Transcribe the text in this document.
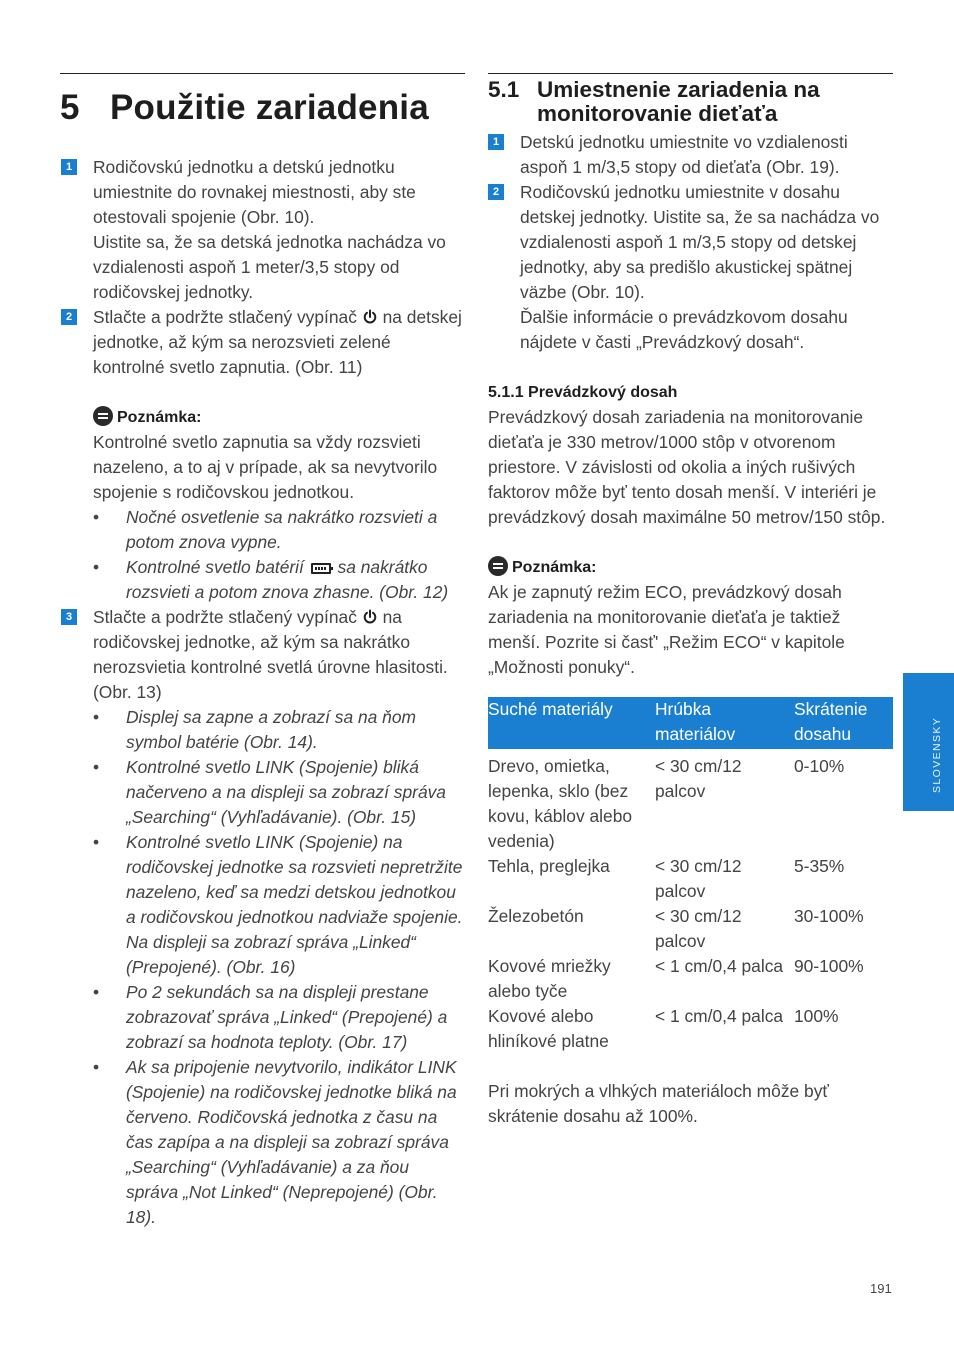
5 Použitie zariadenia
1 Rodičovskú jednotku a detskú jednotku umiestnite do rovnakej miestnosti, aby ste otestovali spojenie (Obr. 10).
Uistite sa, že sa detská jednotka nachádza vo vzdialenosti aspoň 1 meter/3,5 stopy od rodičovskej jednotky.
2 Stlačte a podržte stlačený vypínač na detskej jednotke, až kým sa nerozsvieti zelené kontrolné svetlo zapnutia. (Obr. 11)
Poznámka:
Kontrolné svetlo zapnutia sa vždy rozsvieti nazeleno, a to aj v prípade, ak sa nevytvorilo spojenie s rodičovskou jednotkou.
• Nočné osvetlenie sa nakrátko rozsvieti a potom znova vypne.
• Kontrolné svetlo batérií sa nakrátko rozsvieti a potom znova zhasne. (Obr. 12)
3 Stlačte a podržte stlačený vypínač na rodičovskej jednotke, až kým sa nakrátko nerozsvietia kontrolné svetlá úrovne hlasitosti. (Obr. 13)
• Displej sa zapne a zobrazí sa na ňom symbol batérie (Obr. 14).
• Kontrolné svetlo LINK (Spojenie) bliká načerveno a na displeji sa zobrazí správa „Searching“ (Vyhľadávanie). (Obr. 15)
• Kontrolné svetlo LINK (Spojenie) na rodičovskej jednotke sa rozsvieti nepretržite nazeleno, keď sa medzi detskou jednotkou a rodičovskou jednotkou nadviaže spojenie. Na displeji sa zobrazí správa „Linked“ (Prepojené). (Obr. 16)
• Po 2 sekundách sa na displeji prestane zobrazovať správa „Linked“ (Prepojené) a zobrazí sa hodnota teploty. (Obr. 17)
• Ak sa pripojenie nevytvorilo, indikátor LINK (Spojenie) na rodičovskej jednotke bliká na červeno. Rodičovská jednotka z času na čas zapípa a na displeji sa zobrazí správa „Searching“ (Vyhľadávanie) a za ňou správa „Not Linked“ (Neprepojené) (Obr. 18).
5.1 Umiestnenie zariadenia na
monitorovanie dieťaťa
1 Detskú jednotku umiestnite vo vzdialenosti aspoň 1 m/3,5 stopy od dieťaťa (Obr. 19).
2 Rodičovskú jednotku umiestnite v dosahu detskej jednotky. Uistite sa, že sa nachádza vo vzdialenosti aspoň 1 m/3,5 stopy od detskej jednotky, aby sa predišlo akustickej spätnej väzbe (Obr. 10).
Ďalšie informácie o prevádzkovom dosahu nájdete v časti „Prevádzkový dosah“.
5.1.1 Prevádzkový dosah
Prevádzkový dosah zariadenia na monitorovanie dieťaťa je 330 metrov/1000 stôp v otvorenom priestore. V závislosti od okolia a iných rušivých faktorov môže byť tento dosah menší. V interiéri je prevádzkový dosah maximálne 50 metrov/150 stôp.
Poznámka:
Ak je zapnutý režim ECO, prevádzkový dosah zariadenia na monitorovanie dieťaťa je taktiež menší. Pozrite si časť' „Režim ECO“ v kapitole „Možnosti ponuky“.
Suché materiály	Hrúbka materiálov	Skrátenie dosahu
Drevo, omietka, lepenka, sklo (bez kovu, káblov alebo vedenia)	< 30 cm/12 palcov	0-10%
Tehla, preglejka	< 30 cm/12 palcov	5-35%
Železobetón	< 30 cm/12 palcov	30-100%
Kovové mriežky alebo tyče	< 1 cm/0,4 palca	90-100%
Kovové alebo hliníkové platne	< 1 cm/0,4 palca	100%
Pri mokrých a vlhkých materiáloch môže byť skrátenie dosahu až 100%.
SLOVENSKY
191
